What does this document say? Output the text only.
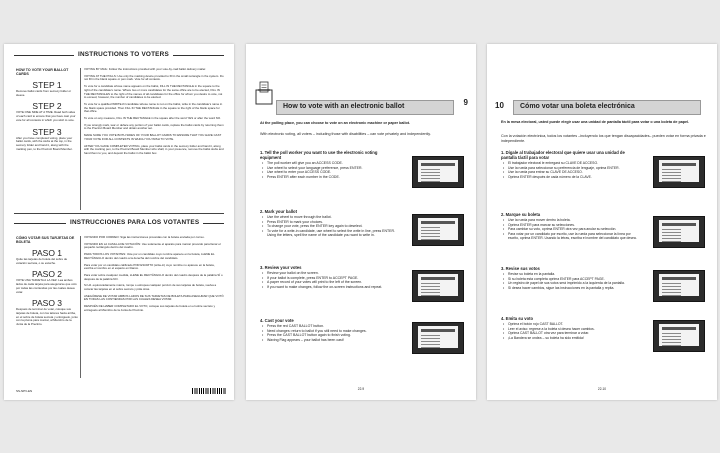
INSTRUCTIONS TO VOTERS
HOW TO VOTE YOUR BALLOT CARDS
STEP 1
Remove ballot cards from secrecy folder or sleeve.
STEP 2
VOTE ONE SIDE AT A TIME. Read both sides of each card to ensure that you have cast your vote for all contests in which you wish to vote.
STEP 3
After you have completed voting, place your ballot cards, with the stubs at the top, in the secrecy folder and hand it, along with the marking pen, to the Precinct Board Member.

VOTING BY MAIL: Follow the instructions provided with your vote-by-mail ballot delivery mailer.

VOTING AT THE POLLS: Use only the marking device provided to fill in the small rectangle in the system. Do not fill in the blank square or pen mark. Vote for all contests.

To vote for a candidate whose name appears on the ballot, FILL IN THE RECTANGLE in the square to the right of the candidate's name. Where two or more candidates for the same office are to be elected, FILL IN THE RECTANGLES to the right of the names of all candidates for the office for whom you desire to vote, not to exceed, however, the number of candidates to be elected.

To vote for a qualified WRITE-IN candidate whose name is not on the ballot, write in the candidate's name in the blank space provided. Then FILL IN THE RECTANGLE in the square to the right of the blank space for that office.

To vote on any measure, FILL IN THE RECTANGLE in the square after the word YES or after the word NO.

If you wrongly mark, tear or deface any portion of your ballot cards, replace the ballot cards by returning them to the Precinct Board Member and obtain another set.

MAKE SURE YOU VOTE BOTH SIDES OF YOUR BALLOT CARDS TO ENSURE THAT YOU HAVE CAST YOUR VOTE FOR ALL CONTESTS IN WHICH YOU WISH TO VOTE.

AFTER YOU HAVE COMPLETED VOTING, place your ballot cards in the secrecy folder and hand it, along with the marking pen, to the Precinct Board Member who shall, in your presence, remove the ballot stubs and hand them to you, and deposit the ballot in the ballot box.

INSTRUCCIONES PARA LOS VOTANTES
CÓMO VOTAR SUS TARJETAS DE BOLETA
PASO 1
Quite las tarjetas de boleta del sobre de votación secreta, o su estuche.
PASO 2
VOTE UNA TARJETA A LA VEZ. Lea ambos lados de cada tarjeta para asegurarse que votó por todas las contiendas por las cuales desea votar.
PASO 3
Después de terminar de votar, coloque sus tarjetas de boleta, con los talones hacia arriba, en el sobre de boleta secreta y entréguelo, junto con la pluma para marcar, al Miembro de la Junta de la Precinto.

VOTANDO POR CORREO: Siga las instrucciones proveídas con la boleta enviada por correo.

VOTANDO EN LA CASILLA DE VOTACIÓN: Use solamente el aparato para marcar proveído para llenar el pequeño rectángulo dentro del cuadro.

PARA TODOS LOS VOTANTES: Vote por un candidato cuyo nombre aparece en la boleta, LLENE EL RECTÁNGULO dentro del cuadro a la derecha del nombre del candidato.

Para votar por un candidato calificado POR ESCRITO (write-in) cuyo nombre no aparece en la boleta, escriba el nombre en el espacio en blanco.

Para votar sobre cualquier medida, LLENE EL RECTÁNGULO dentro del cuadro después de la palabra SÍ o después de la palabra NO.

Si Ud. equivocadamente marca, rompe o estropea cualquier porción de sus tarjetas de boleta, vuelva a colocar las tarjetas en el sobre secreto y pida otras.

ASEGÚRESE DE VOTAR AMBOS LADOS DE SUS TARJETAS DE BOLETA PARA ASEGURAR QUE VOTÓ EN TODAS LAS CONTIENDAS POR LAS CUALES DESEA VOTAR.

DESPUÉS DE HABER COMPLETADO EL VOTO, coloque sus tarjetas de boleta en el sobre secreto y entréguelo al Miembro de la Junta de Precinto.

SS-NPV-EN
How to vote with an electronic ballot	9
At the polling place, you can choose to vote on an electronic machine or paper ballot.
With electronic voting, all voters – including those with disabilities – can vote privately and independently.
1. Tell the poll worker you want to use the electronic voting equipment
• The poll worker will give you an ACCESS CODE.
• Use wheel to select your language preference, press ENTER.
• Use wheel to enter your ACCESS CODE.
• Press ENTER after each number in the CODE.
2. Mark your ballot
• Use the wheel to move through the ballot.
• Press ENTER to mark your choices.
• To change your vote, press the ENTER key again to deselect.
• To vote for a write-in candidate, use wheel to select the write in line, press ENTER. Using the letters, spell the name of the candidate you want to write in.
3. Review your votes
• Review your ballot on the screen.
• If your ballot is complete, press ENTER to ACCEPT PAGE.
• A paper record of your votes will print to the left of the screen.
• If you want to make changes, follow the on-screen instructions and repeat.
4. Cast your vote
• Press the red CAST BALLOT button.
• Need changes: return to ballot if you still need to make changes.
• Press the CAST BALLOT button again to finish voting.
• Waving Flag appears – your ballot has been cast!
22-9
10 Cómo votar una boleta electrónica
En la mesa electoral, usted puede elegir usar una unidad de pantalla táctil para votar o una boleta de papel.
Con la votación electrónica, todos los votantes –incluyendo los que tengan discapacidades– pueden votar en forma privada e independiente.
1. Dígale al trabajador electoral que quiere usar una unidad de pantalla táctil para votar
• El trabajador electoral le entregará su CLAVE DE ACCESO.
• Use la rueda para seleccionar su preferencia de lenguaje, oprima ENTER.
• Use la rueda para entrar su CLAVE DE ACCESO.
• Oprima ENTER después de cada número de la CLAVE.
2. Marque su boleta
• Use la rueda para mover dentro la boleta.
• Oprima ENTER para marcar su selecciones.
• Para cambiar su voto, oprima ENTER otra vez para anular su selección.
• Para votar por un candidato por escrito, use la rueda para seleccionar la línea por escrito, oprima ENTER. Usando la letras, escriba el nombre del candidato que desea.
3. Revise sus votos
• Revise su boleta en la pantalla.
• Si su boleta esta completa oprima ENTER para ACCEPT PAGE.
• Un registro de papel de sus votos será imprimido a la izquierda de la pantalla.
• Si desea hacer cambios, sigue las instrucciones en la pantalla y repita.
4. Emita su voto
• Oprima el botón rojo CAST BALLOT.
• Leer el aviso: regrese a la boleta si desea hacer cambios.
• Oprima CAST BALLOT otra vez para terminar a votar.
• ¡La Bandera se ondea – su boleta ha sido emitida!
22-10
